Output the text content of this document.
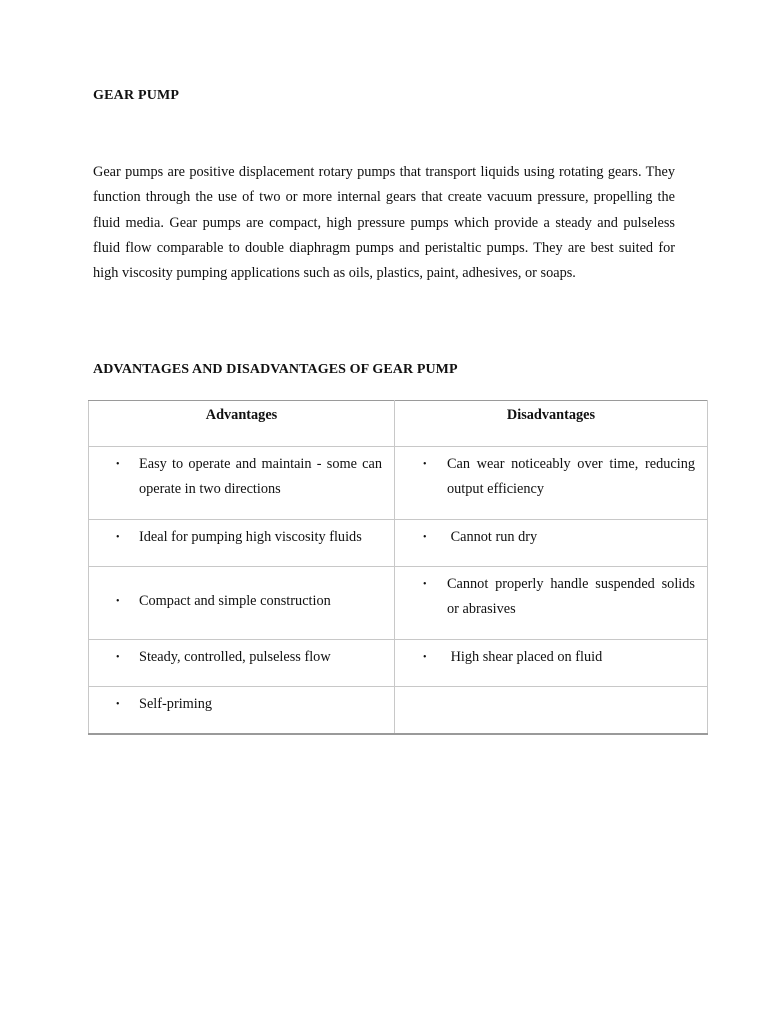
GEAR PUMP

Gear pumps are positive displacement rotary pumps that transport liquids using rotating gears. They function through the use of two or more internal gears that create vacuum pressure, propelling the fluid media. Gear pumps are compact, high pressure pumps which provide a steady and pulseless fluid flow comparable to double diaphragm pumps and peristaltic pumps. They are best suited for high viscosity pumping applications such as oils, plastics, paint, adhesives, or soaps.

ADVANTAGES AND DISADVANTAGES OF GEAR PUMP
Advantages	Disadvantages

• Easy to operate and maintain - some can operate in two directions	• Can wear noticeably over time, reducing output efficiency

• Ideal for pumping high viscosity fluids	• Cannot run dry

• Compact and simple construction	• Cannot properly handle suspended solids or abrasives

• Steady, controlled, pulseless flow	• High shear placed on fluid

• Self-priming	
